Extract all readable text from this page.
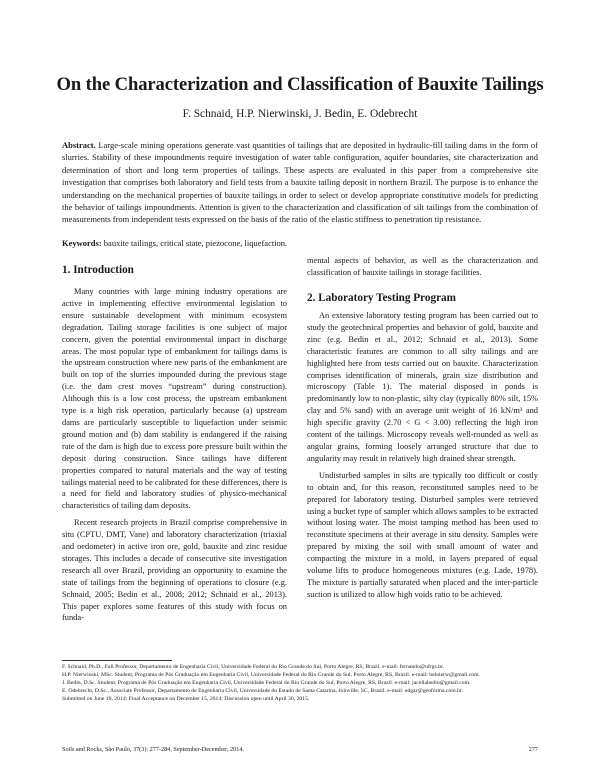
On the Characterization and Classification of Bauxite Tailings
F. Schnaid, H.P. Nierwinski, J. Bedin, E. Odebrecht
Abstract. Large-scale mining operations generate vast quantities of tailings that are deposited in hydraulic-fill tailing dams in the form of slurries. Stability of these impoundments require investigation of water table configuration, aquifer boundaries, site characterization and determination of short and long term properties of tailings. These aspects are evaluated in this paper from a comprehensive site investigation that comprises both laboratory and field tests from a bauxite tailing deposit in northern Brazil. The purpose is to enhance the understanding on the mechanical properties of bauxite tailings in order to select or develop appropriate constitutive models for predicting the behavior of tailings impoundments. Attention is given to the characterization and classification of silt tailings from the combination of measurements from independent tests expressed on the basis of the ratio of the elastic stiffness to penetration tip resistance.
Keywords: bauxite tailings, critical state, piezocone, liquefaction.
1. Introduction

Many countries with large mining industry operations are active in implementing effective environmental legislation to ensure sustainable development with minimum ecosystem degradation. Tailing storage facilities is one subject of major concern, given the potential environmental impact in discharge areas. The most popular type of embankment for tailings dams is the upstream construction where new parts of the embankment are built on top of the slurries impounded during the previous stage (i.e. the dam crest moves “upstream” during construction). Although this is a low cost process, the upstream embankment type is a high risk operation, particularly because (a) upstream dams are particularly susceptible to liquefaction under seismic ground motion and (b) dam stability is endangered if the raising rate of the dam is high due to excess pore pressure built within the deposit during construction. Since tailings have different properties compared to natural materials and the way of testing tailings material need to be calibrated for these differences, there is a need for field and laboratory studies of physico-mechanical characteristics of tailing dam deposits.

Recent research projects in Brazil comprise comprehensive in situ (CPTU, DMT, Vane) and laboratory characterization (triaxial and oedometer) in active iron ore, gold, bauxite and zinc residue storages. This includes a decade of consecutive site investigation research all over Brazil, providing an opportunity to examine the state of tailings from the beginning of operations to closure (e.g. Schnaid, 2005; Bedin et al., 2008; 2012; Schnaid et al., 2013). This paper explores some features of this study with focus on funda-

mental aspects of behavior, as well as the characterization and classification of bauxite tailings in storage facilities.

2. Laboratory Testing Program

An extensive laboratory testing program has been carried out to study the geotechnical properties and behavior of gold, bauxite and zinc (e.g. Bedin et al., 2012; Schnaid et al., 2013). Some characteristic features are common to all silty tailings and are highlighted here from tests carried out on bauxite. Characterization comprises identification of minerals, grain size distribution and microscopy (Table 1). The material disposed in ponds is predominantly low to non-plastic, silty clay (typically 80% silt, 15% clay and 5% sand) with an average unit weight of 16 kN/m³ and high specific gravity (2.70 < G < 3.00) reflecting the high iron content of the tailings. Microscopy reveals well-rounded as well as angular grains, forming loosely arranged structure that due to angularity may result in relatively high drained shear strength.

Undisturbed samples in silts are typically too difficult or costly to obtain and, for this reason, reconstituted samples need to be prepared for laboratory testing. Disturbed samples were retrieved using a bucket type of sampler which allows samples to be extracted without losing water. The moist tamping method has been used to reconstitute specimens at their average in situ density. Samples were prepared by mixing the soil with small amount of water and compacting the mixture in a mold, in layers prepared of equal volume lifts to produce homogeneous mixtures (e.g. Lade, 1978). The mixture is partially saturated when placed and the inter-particle suction is utilized to allow high voids ratio to be achieved.

F. Schnaid, Ph.D., Full Professor, Departamento de Engenharia Civil, Universidade Federal do Rio Grande do Sul, Porto Alegre, RS, Brazil. e-mail: fernando@ufrgs.br.
H.P. Nierwinski, MSc. Student, Programa de Pós Graduação em Engenharia Civil, Universidade Federal do Rio Grande do Sul, Porto Alegre, RS, Brazil. e-mail: helnierw@gmail.com.
J. Bedin, D.Sc. Student, Programa de Pós Graduação em Engenharia Civil, Universidade Federal do Rio Grande do Sul, Porto Alegre, RS, Brazil. e-mail: jacellabedin@gmail.com.
E. Odebrecht, D.Sc., Associate Professor, Departamento de Engenharia Civil, Universidade do Estado de Santa Catarina, Joinville, SC, Brazil. e-mail: edgar@geoforma.com.br.
Submitted on June 19, 2014; Final Acceptance on December 15, 2014; Discussion open until April 30, 2015.
Soils and Rocks, São Paulo, 37(3): 277-284, September-December, 2014.	277
